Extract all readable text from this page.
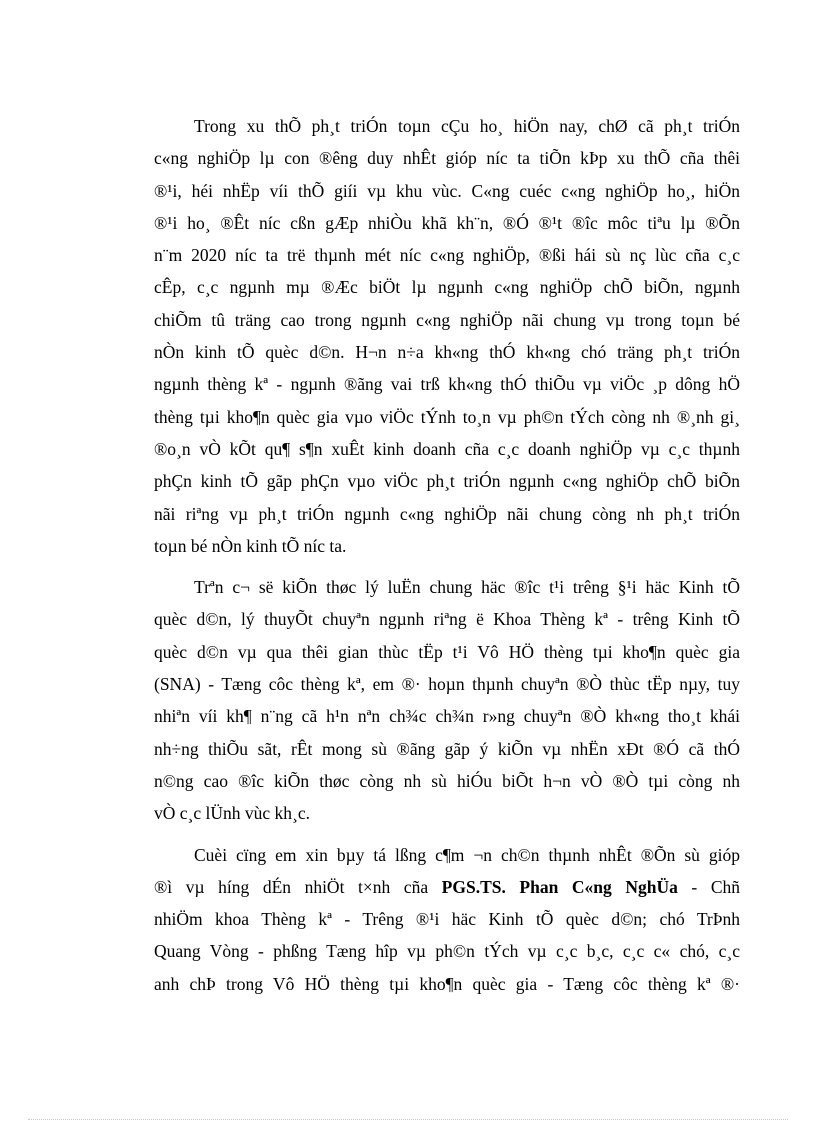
Trong xu thÕ ph¸t triÓn toµn cÇu ho¸ hiÖn nay, chØ cã ph¸t triÓn
c«ng nghiÖp lµ con ®êng duy nhÊt gióp níc ta tiÕn kÞp xu thÕ cña thêi
®¹i, héi nhËp víi thÕ giíi vµ khu vùc. C«ng cuéc c«ng nghiÖp ho¸, hiÖn
®¹i ho¸ ®Êt níc cßn gÆp nhiÒu khã kh¨n, ®Ó ®¹t ®îc môc tiªu lµ ®Õn
n¨m 2020 níc ta trë thµnh mét níc c«ng nghiÖp, ®ßi hái sù nç lùc cña c¸c
cÊp, c¸c ngµnh mµ ®Æc biÖt lµ ngµnh c«ng nghiÖp chÕ biÕn, ngµnh
chiÕm tû träng cao trong ngµnh c«ng nghiÖp nãi chung vµ trong toµn bé
nÒn kinh tÕ quèc d©n. H¬n n÷a kh«ng thÓ kh«ng chó träng ph¸t triÓn
ngµnh thèng kª - ngµnh ®ãng vai trß kh«ng thÓ thiÕu vµ viÖc ¸p dông hÖ
thèng tµi kho¶n quèc gia vµo viÖc tÝnh to¸n vµ ph©n tÝch còng nh ®¸nh gi¸
®o¸n vÒ kÕt qu¶ s¶n xuÊt kinh doanh cña c¸c doanh nghiÖp vµ c¸c thµnh
phÇn kinh tÕ gãp phÇn vµo viÖc ph¸t triÓn ngµnh c«ng nghiÖp chÕ biÕn
nãi riªng vµ ph¸t triÓn ngµnh c«ng nghiÖp nãi chung còng nh ph¸t triÓn
toµn bé nÒn kinh tÕ níc ta.

Trªn c¬ së kiÕn thøc lý luËn chung häc ®îc t¹i trêng §¹i häc Kinh tÕ
quèc d©n, lý thuyÕt chuyªn ngµnh riªng ë Khoa Thèng kª - trêng Kinh tÕ
quèc d©n vµ qua thêi gian thùc tËp t¹i Vô HÖ thèng tµi kho¶n quèc gia
(SNA) - Tæng côc thèng kª, em ®· hoµn thµnh chuyªn ®Ò thùc tËp nµy, tuy
nhiªn víi kh¶ n¨ng cã h¹n nªn ch¾c ch¾n r»ng chuyªn ®Ò kh«ng tho¸t khái
nh÷ng thiÕu sãt, rÊt mong sù ®ãng gãp ý kiÕn vµ nhËn xÐt ®Ó cã thÓ
n©ng cao ®îc kiÕn thøc còng nh sù hiÓu biÕt h¬n vÒ ®Ò tµi còng nh
vÒ c¸c lÜnh vùc kh¸c.

Cuèi cïng em xin bµy tá lßng c¶m ¬n ch©n thµnh nhÊt ®Õn sù gióp
®ì vµ híng dÉn nhiÖt t×nh cña PGS.TS. Phan C«ng NghÜa - Chñ
nhiÖm khoa Thèng kª - Trêng ®¹i häc Kinh tÕ quèc d©n; chó TrÞnh
Quang Vòng - phßng Tæng hîp vµ ph©n tÝch vµ c¸c b¸c, c¸c c« chó, c¸c
anh chÞ trong Vô HÖ thèng tµi kho¶n quèc gia - Tæng côc thèng kª ®·
